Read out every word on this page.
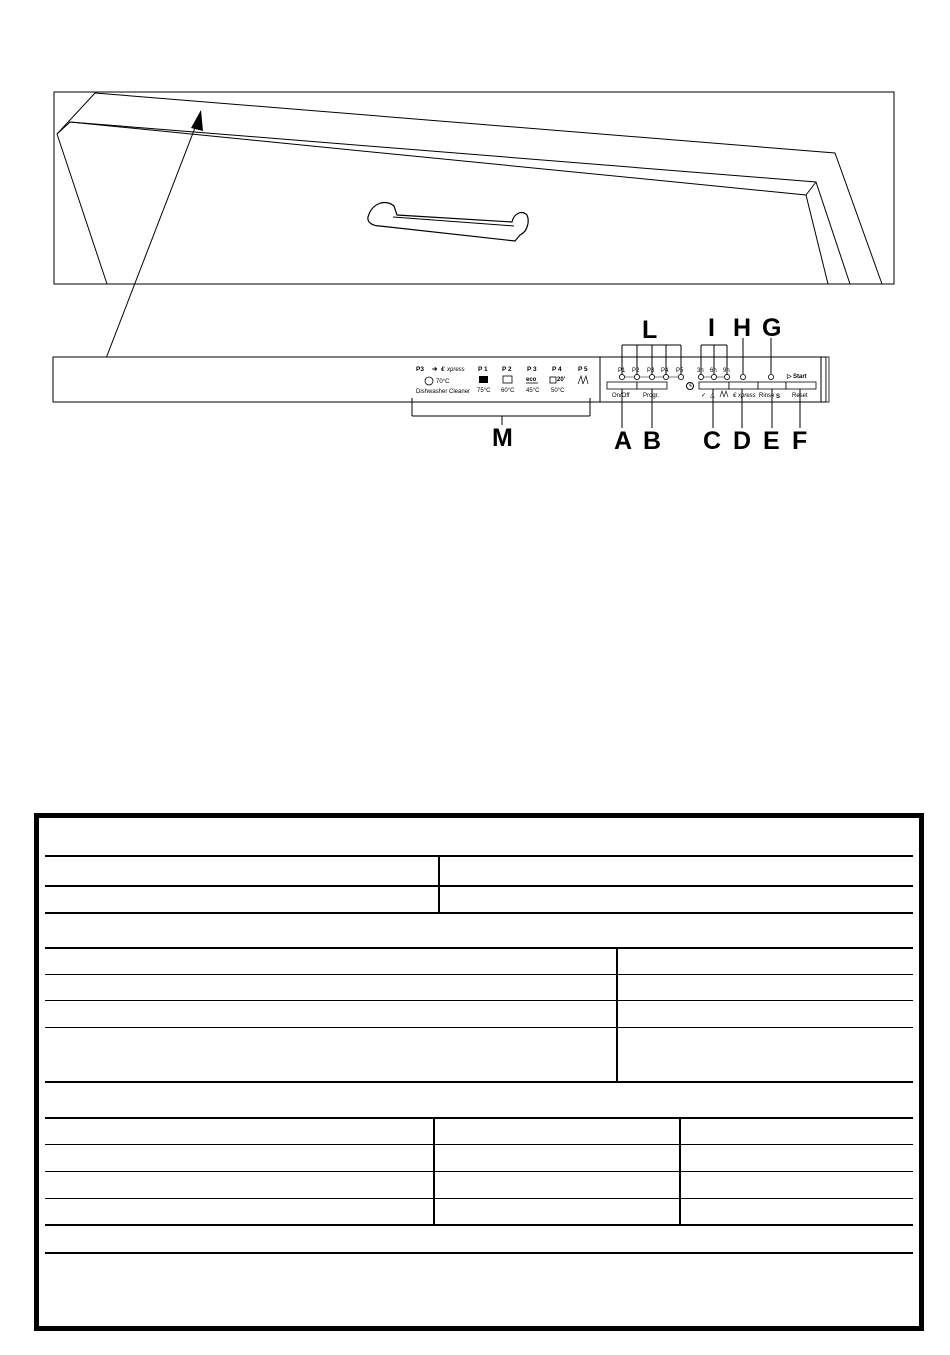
P3 ➔ € xpress
70°C
Dishwasher Cleaner
P 1 P 2 P 3 P 4	P 5
eco	20'
75°C 60°C 45°C 50°C
P1 P2 P3 P4 P5 3h 6h 9h
▷ Start
On/Off Progr.	✓ △	€ xpress Rinse S Reset
L I H G
M	A B C D E F
